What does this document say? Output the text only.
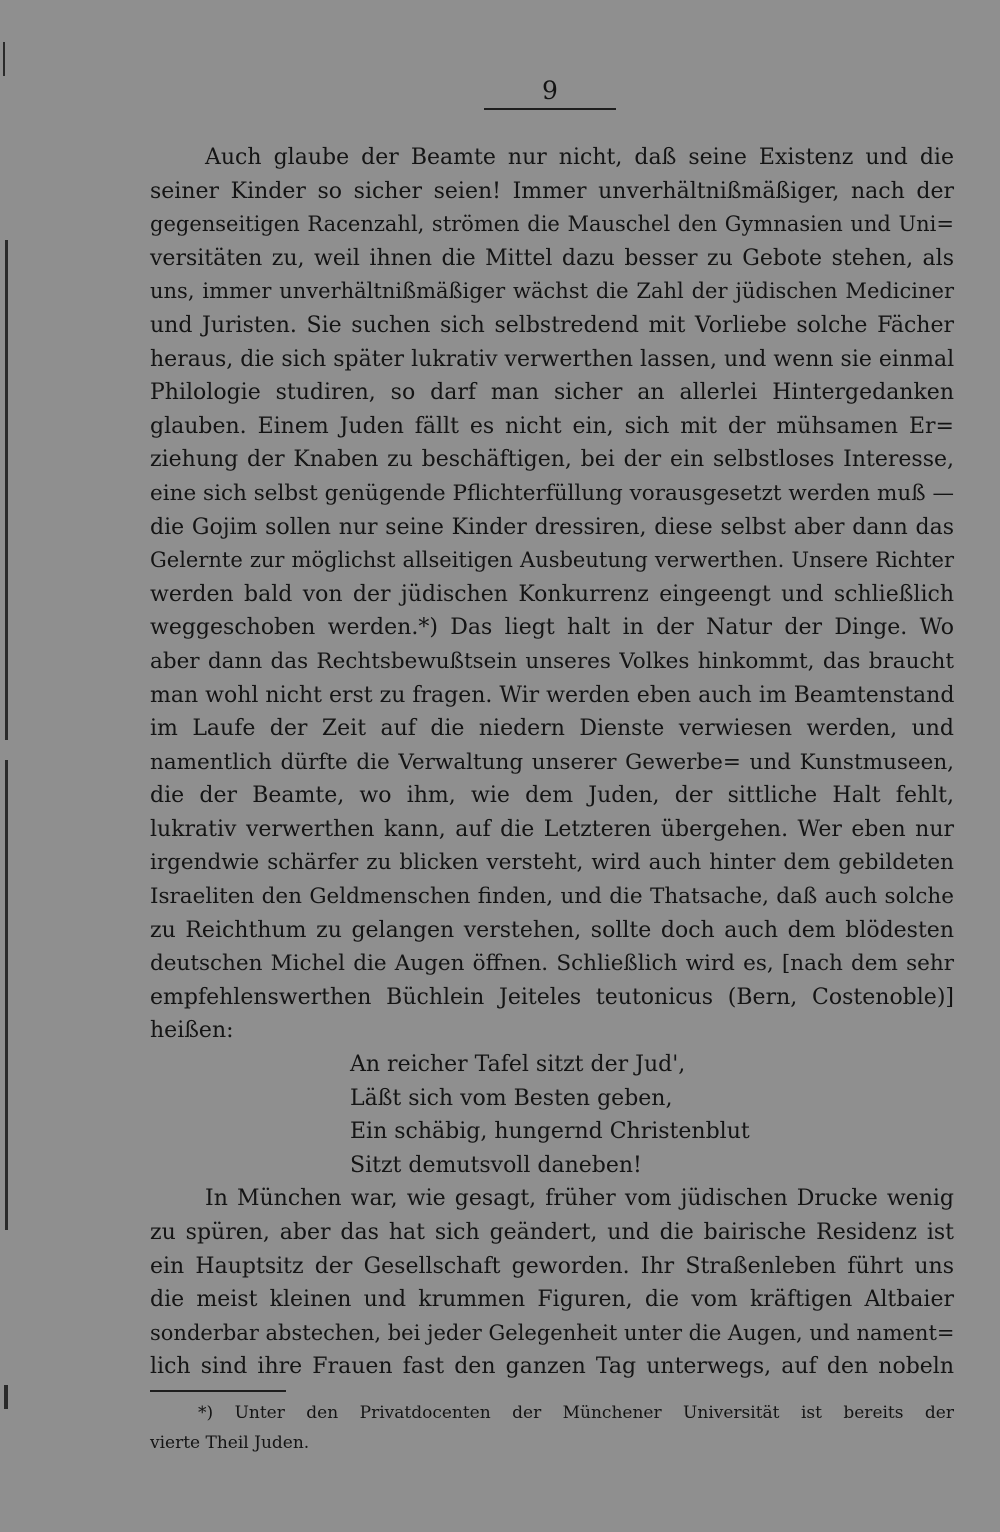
9
Auch glaube der Beamte nur nicht, daß seine Existenz und die
seiner Kinder so sicher seien! Immer unverhältnißmäßiger, nach der
gegenseitigen Racenzahl, strömen die Mauschel den Gymnasien und Uni=
versitäten zu, weil ihnen die Mittel dazu besser zu Gebote stehen, als
uns, immer unverhältnißmäßiger wächst die Zahl der jüdischen Mediciner
und Juristen. Sie suchen sich selbstredend mit Vorliebe solche Fächer
heraus, die sich später lukrativ verwerthen lassen, und wenn sie einmal
Philologie studiren, so darf man sicher an allerlei Hintergedanken
glauben. Einem Juden fällt es nicht ein, sich mit der mühsamen Er=
ziehung der Knaben zu beschäftigen, bei der ein selbstloses Interesse,
eine sich selbst genügende Pflichterfüllung vorausgesetzt werden muß —
die Gojim sollen nur seine Kinder dressiren, diese selbst aber dann das
Gelernte zur möglichst allseitigen Ausbeutung verwerthen. Unsere Richter
werden bald von der jüdischen Konkurrenz eingeengt und schließlich
weggeschoben werden.*) Das liegt halt in der Natur der Dinge. Wo
aber dann das Rechtsbewußtsein unseres Volkes hinkommt, das braucht
man wohl nicht erst zu fragen. Wir werden eben auch im Beamtenstand
im Laufe der Zeit auf die niedern Dienste verwiesen werden, und
namentlich dürfte die Verwaltung unserer Gewerbe= und Kunstmuseen,
die der Beamte, wo ihm, wie dem Juden, der sittliche Halt fehlt,
lukrativ verwerthen kann, auf die Letzteren übergehen. Wer eben nur
irgendwie schärfer zu blicken versteht, wird auch hinter dem gebildeten
Israeliten den Geldmenschen finden, und die Thatsache, daß auch solche
zu Reichthum zu gelangen verstehen, sollte doch auch dem blödesten
deutschen Michel die Augen öffnen. Schließlich wird es, [nach dem sehr
empfehlenswerthen Büchlein Jeiteles teutonicus (Bern, Costenoble)]
heißen:
An reicher Tafel sitzt der Jud',
Läßt sich vom Besten geben,
Ein schäbig, hungernd Christenblut
Sitzt demutsvoll daneben!
In München war, wie gesagt, früher vom jüdischen Drucke wenig
zu spüren, aber das hat sich geändert, und die bairische Residenz ist
ein Hauptsitz der Gesellschaft geworden. Ihr Straßenleben führt uns
die meist kleinen und krummen Figuren, die vom kräftigen Altbaier
sonderbar abstechen, bei jeder Gelegenheit unter die Augen, und nament=
lich sind ihre Frauen fast den ganzen Tag unterwegs, auf den nobeln
*) Unter den Privatdocenten der Münchener Universität ist bereits der
vierte Theil Juden.
